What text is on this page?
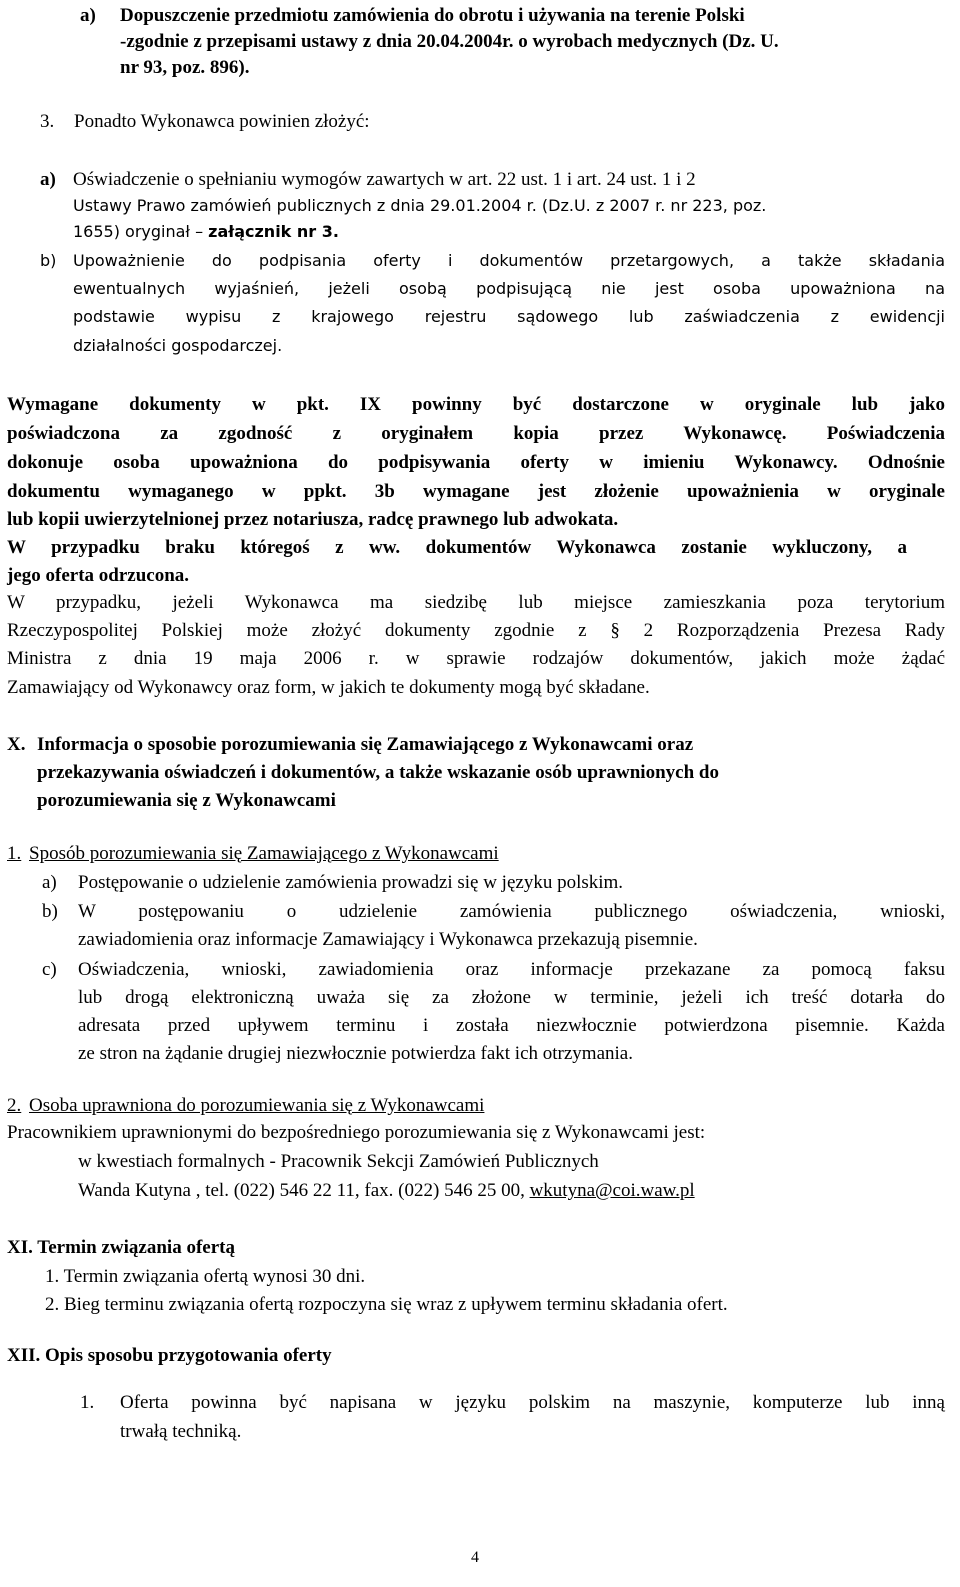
a) Dopuszczenie przedmiotu zamówienia do obrotu i używania na terenie Polski
-zgodnie z przepisami ustawy z dnia 20.04.2004r. o wyrobach medycznych (Dz. U.
nr 93, poz. 896).
3. Ponadto Wykonawca powinien złożyć:
a) Oświadczenie o spełnianiu wymogów zawartych w art. 22 ust. 1 i art. 24 ust. 1 i 2
Ustawy Prawo zamówień publicznych z dnia 29.01.2004 r. (Dz.U. z 2007 r. nr 223, poz.
1655) oryginał – załącznik nr 3.
b) Upoważnienie do podpisania oferty i dokumentów przetargowych, a także składania
ewentualnych wyjaśnień, jeżeli osobą podpisującą nie jest osoba upoważniona na
podstawie wypisu z krajowego rejestru sądowego lub zaświadczenia z ewidencji
działalności gospodarczej.
Wymagane dokumenty w pkt. IX powinny być dostarczone w oryginale lub jako
poświadczona za zgodność z oryginałem kopia przez Wykonawcę. Poświadczenia
dokonuje osoba upoważniona do podpisywania oferty w imieniu Wykonawcy. Odnośnie
dokumentu wymaganego w ppkt. 3b wymagane jest złożenie upoważnienia w oryginale
lub kopii uwierzytelnionej przez notariusza, radcę prawnego lub adwokata.
W przypadku braku któregoś z ww. dokumentów Wykonawca zostanie wykluczony, a
jego oferta odrzucona.
W przypadku, jeżeli Wykonawca ma siedzibę lub miejsce zamieszkania poza terytorium
Rzeczypospolitej Polskiej może złożyć dokumenty zgodnie z § 2 Rozporządzenia Prezesa Rady
Ministra z dnia 19 maja 2006 r. w sprawie rodzajów dokumentów, jakich może żądać
Zamawiający od Wykonawcy oraz form, w jakich te dokumenty mogą być składane.
X. Informacja o sposobie porozumiewania się Zamawiającego z Wykonawcami oraz
przekazywania oświadczeń i dokumentów, a także wskazanie osób uprawnionych do
porozumiewania się z Wykonawcami
1. Sposób porozumiewania się Zamawiającego z Wykonawcami
a) Postępowanie o udzielenie zamówienia prowadzi się w języku polskim.
b) W postępowaniu o udzielenie zamówienia publicznego oświadczenia, wnioski,
zawiadomienia oraz informacje Zamawiający i Wykonawca przekazują pisemnie.
c) Oświadczenia, wnioski, zawiadomienia oraz informacje przekazane za pomocą faksu
lub drogą elektroniczną uważa się za złożone w terminie, jeżeli ich treść dotarła do
adresata przed upływem terminu i została niezwłocznie potwierdzona pisemnie. Każda
ze stron na żądanie drugiej niezwłocznie potwierdza fakt ich otrzymania.
2. Osoba uprawniona do porozumiewania się z Wykonawcami
Pracownikiem uprawnionymi do bezpośredniego porozumiewania się z Wykonawcami jest:
w kwestiach formalnych - Pracownik Sekcji Zamówień Publicznych
Wanda Kutyna , tel. (022) 546 22 11, fax. (022) 546 25 00, wkutyna@coi.waw.pl
XI. Termin związania ofertą
1. Termin związania ofertą wynosi 30 dni.
2. Bieg terminu związania ofertą rozpoczyna się wraz z upływem terminu składania ofert.
XII. Opis sposobu przygotowania oferty
1. Oferta powinna być napisana w języku polskim na maszynie, komputerze lub inną
trwałą techniką.
4
